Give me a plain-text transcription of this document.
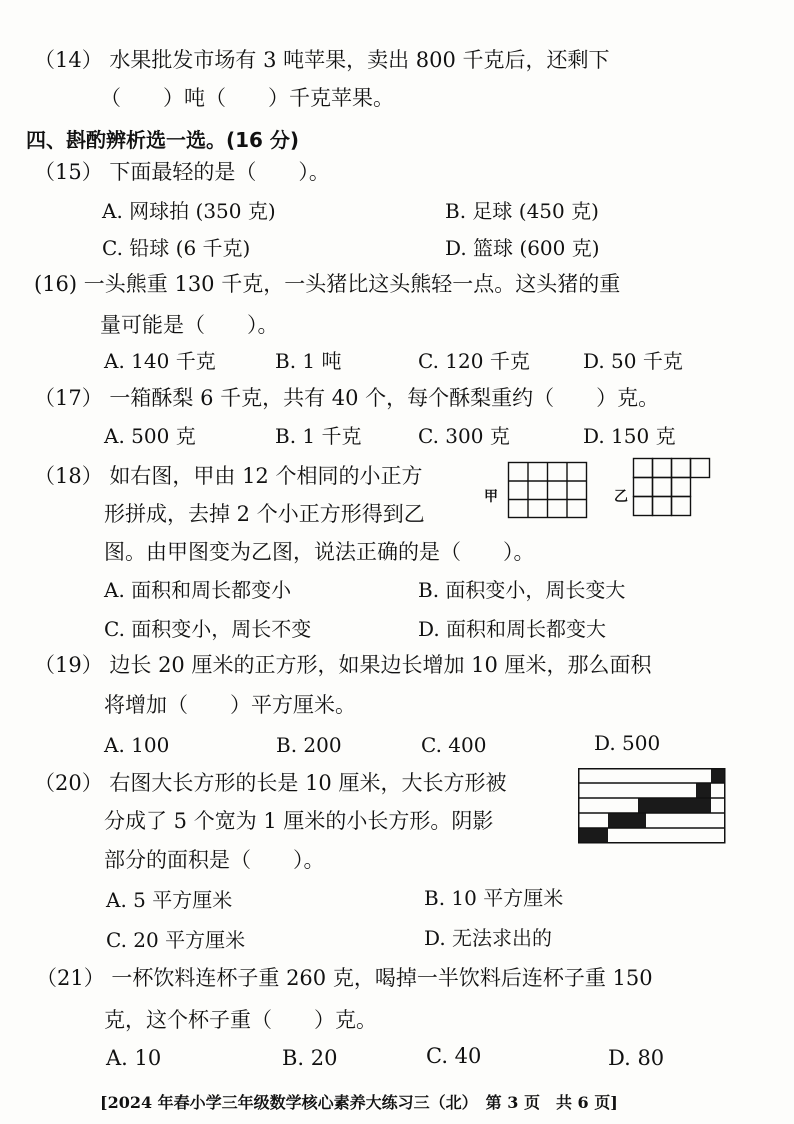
（14） 水果批发市场有 3 吨苹果，卖出 800 千克后，还剩下
（　　）吨（　　）千克苹果。
四、斟酌辨析选一选。(16 分)
（15） 下面最轻的是（　　）。
A. 网球拍 (350 克)	B. 足球 (450 克)
C. 铅球 (6 千克)	D. 篮球 (600 克)
(16) 一头熊重 130 千克，一头猪比这头熊轻一点。这头猪的重
量可能是（　　）。
A. 140 千克	B. 1 吨	C. 120 千克	D. 50 千克
（17） 一箱酥梨 6 千克，共有 40 个，每个酥梨重约（　　）克。
A. 500 克	B. 1 千克	C. 300 克	D. 150 克
（18） 如右图，甲由 12 个相同的小正方
形拼成，去掉 2 个小正方形得到乙
图。由甲图变为乙图，说法正确的是（　　）。
甲	乙
A. 面积和周长都变小	B. 面积变小，周长变大
C. 面积变小，周长不变	D. 面积和周长都变大
（19） 边长 20 厘米的正方形，如果边长增加 10 厘米，那么面积
将增加（　　）平方厘米。
A. 100	B. 200	C. 400	D. 500
（20） 右图大长方形的长是 10 厘米，大长方形被
分成了 5 个宽为 1 厘米的小长方形。阴影
部分的面积是（　　）。
A. 5 平方厘米	B. 10 平方厘米
C. 20 平方厘米	D. 无法求出的
（21） 一杯饮料连杯子重 260 克，喝掉一半饮料后连杯子重 150
克，这个杯子重（　　）克。
A. 10	B. 20	C. 40	D. 80
[2024 年春小学三年级数学核心素养大练习三（北）　第 3 页　共 6 页]
